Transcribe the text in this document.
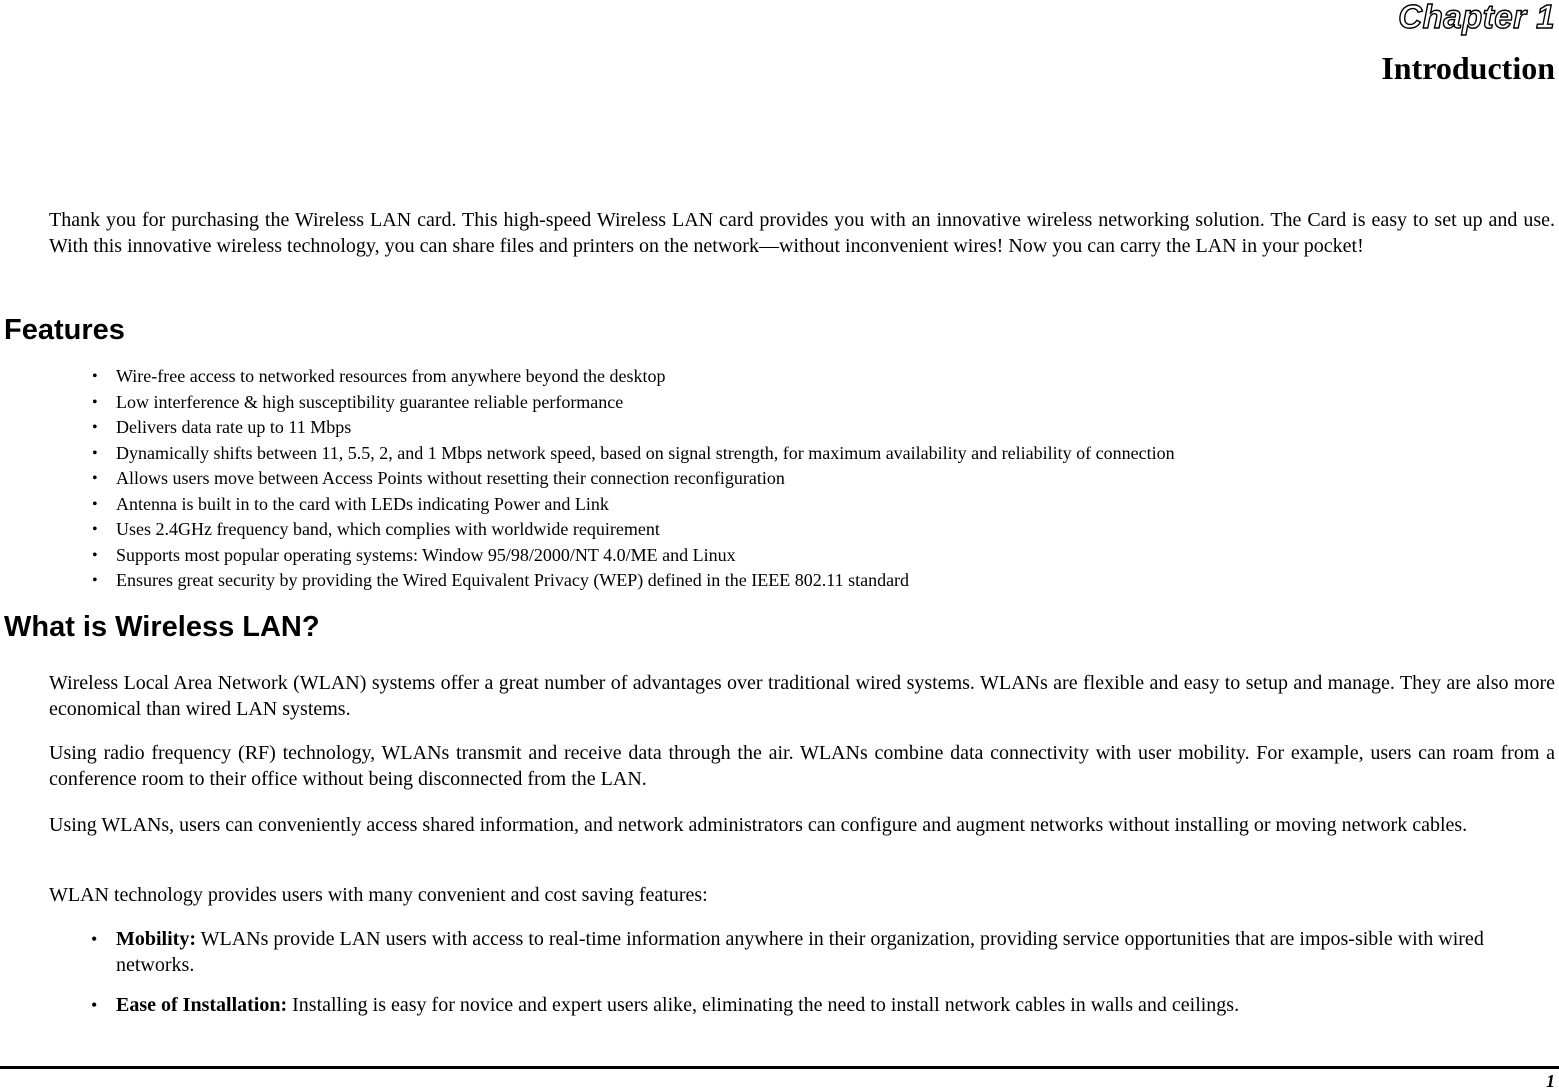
Chapter 1
Introduction

Thank you for purchasing the Wireless LAN card. This high-speed Wireless LAN card provides you with an innovative wireless networking solution. The Card is easy to set up and use. With this innovative wireless technology, you can share files and printers on the network—without inconvenient wires! Now you can carry the LAN in your pocket!

Features
• Wire-free access to networked resources from anywhere beyond the desktop
• Low interference & high susceptibility guarantee reliable performance
• Delivers data rate up to 11 Mbps
• Dynamically shifts between 11, 5.5, 2, and 1 Mbps network speed, based on signal strength, for maximum availability and reliability of connection
• Allows users move between Access Points without resetting their connection reconfiguration
• Antenna is built in to the card with LEDs indicating Power and Link
• Uses 2.4GHz frequency band, which complies with worldwide requirement
• Supports most popular operating systems: Window 95/98/2000/NT 4.0/ME and Linux
• Ensures great security by providing the Wired Equivalent Privacy (WEP) defined in the IEEE 802.11 standard
What is Wireless LAN?

Wireless Local Area Network (WLAN) systems offer a great number of advantages over traditional wired systems. WLANs are flexible and easy to setup and manage. They are also more economical than wired LAN systems.

Using radio frequency (RF) technology, WLANs transmit and receive data through the air. WLANs combine data connectivity with user mobility. For example, users can roam from a conference room to their office without being disconnected from the LAN.

Using WLANs, users can conveniently access shared information, and network administrators can configure and augment networks without installing or moving network cables.

WLAN technology provides users with many convenient and cost saving features:

• Mobility: WLANs provide LAN users with access to real-time information anywhere in their organization, providing service opportunities that are impos-sible with wired networks.
• Ease of Installation: Installing is easy for novice and expert users alike, eliminating the need to install network cables in walls and ceilings.
1
